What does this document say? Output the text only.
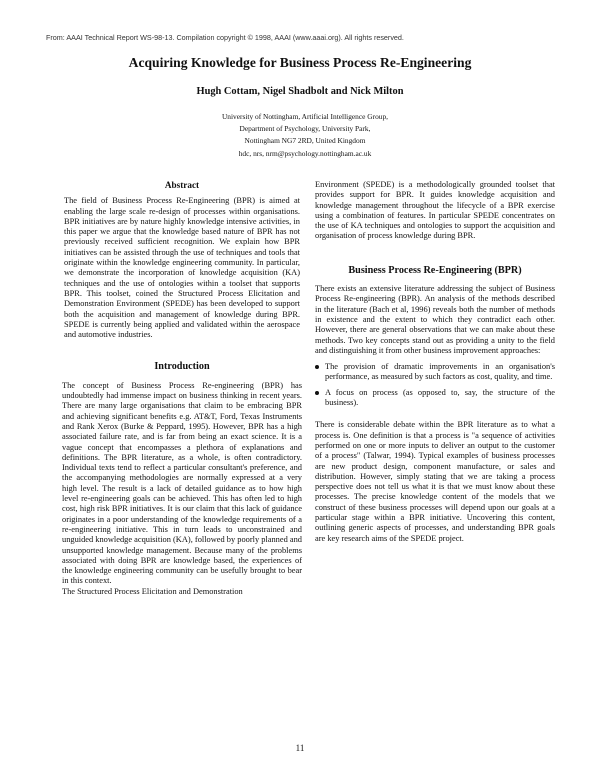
From: AAAI Technical Report WS-98-13. Compilation copyright © 1998, AAAI (www.aaai.org). All rights reserved.
Acquiring Knowledge for Business Process Re-Engineering
Hugh Cottam, Nigel Shadbolt and Nick Milton
University of Nottingham, Artificial Intelligence Group,
Department of Psychology, University Park,
Nottingham NG7 2RD, United Kingdom
hdc, nrs, nrm@psychology.nottingham.ac.uk
Abstract

The field of Business Process Re-Engineering (BPR) is aimed at enabling the large scale re-design of processes within organisations. BPR initiatives are by nature highly knowledge intensive activities, in this paper we argue that the knowledge based nature of BPR has not previously received sufficient recognition. We explain how BPR initiatives can be assisted through the use of techniques and tools that originate within the knowledge engineering community. In particular, we demonstrate the incorporation of knowledge acquisition (KA) techniques and the use of ontologies within a toolset that supports BPR. This toolset, coined the Structured Process Elicitation and Demonstration Environment (SPEDE) has been developed to support both the acquisition and management of knowledge during BPR. SPEDE is currently being applied and validated within the aerospace and automotive industries.

Introduction

The concept of Business Process Re-engineering (BPR) has undoubtedly had immense impact on business thinking in recent years. There are many large organisations that claim to be embracing BPR and achieving significant benefits e.g. AT&T, Ford, Texas Instruments and Rank Xerox (Burke & Peppard, 1995). However, BPR has a high associated failure rate, and is far from being an exact science. It is a vague concept that encompasses a plethora of explanations and definitions. The BPR literature, as a whole, is often contradictory. Individual texts tend to reflect a particular consultant's preference, and the accompanying methodologies are normally expressed at a very high level. The result is a lack of detailed guidance as to how high level re-engineering goals can be achieved. This has often led to high cost, high risk BPR initiatives. It is our claim that this lack of guidance originates in a poor understanding of the knowledge requirements of a re-engineering initiative. This in turn leads to unconstrained and unguided knowledge acquisition (KA), followed by poorly planned and unsupported knowledge management. Because many of the problems associated with doing BPR are knowledge based, the experiences of the knowledge engineering community can be usefully brought to bear in this context.

The Structured Process Elicitation and Demonstration

Environment (SPEDE) is a methodologically grounded toolset that provides support for BPR. It guides knowledge acquisition and knowledge management throughout the lifecycle of a BPR exercise using a combination of features. In particular SPEDE concentrates on the use of KA techniques and ontologies to support the acquisition and organisation of process knowledge during BPR.

Business Process Re-Engineering (BPR)

There exists an extensive literature addressing the subject of Business Process Re-engineering (BPR). An analysis of the methods described in the literature (Bach et al, 1996) reveals both the number of methods in existence and the extent to which they contradict each other. However, there are general observations that we can make about these methods. Two key concepts stand out as providing a unity to the field and distinguishing it from other business improvement approaches:

The provision of dramatic improvements in an organisation's performance, as measured by such factors as cost, quality, and time.
A focus on process (as opposed to, say, the structure of the business).

There is considerable debate within the BPR literature as to what a process is. One definition is that a process is "a sequence of activities performed on one or more inputs to deliver an output to the customer of a process" (Talwar, 1994). Typical examples of business processes are new product design, component manufacture, or sales and distribution. However, simply stating that we are taking a process perspective does not tell us what it is that we must know about these processes. The precise knowledge content of the models that we construct of these business processes will depend upon our goals at a particular stage within a BPR initiative. Uncovering this content, outlining generic aspects of processes, and understanding BPR goals are key research aims of the SPEDE project.

11
